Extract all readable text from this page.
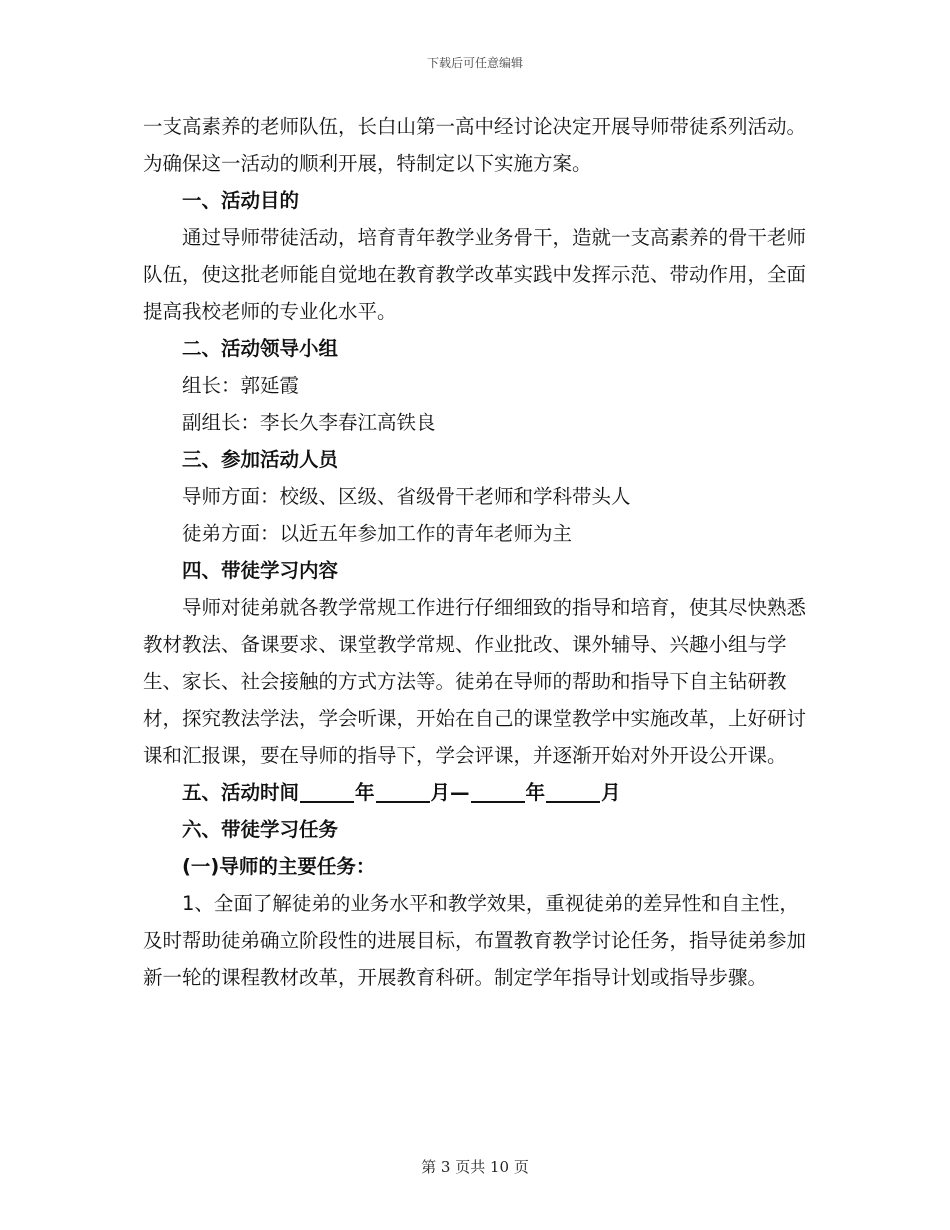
下载后可任意编辑

一支高素养的老师队伍，长白山第一高中经讨论决定开展导师带徒系列活动。为确保这一活动的顺利开展，特制定以下实施方案。

一、活动目的

通过导师带徒活动，培育青年教学业务骨干，造就一支高素养的骨干老师队伍，使这批老师能自觉地在教育教学改革实践中发挥示范、带动作用，全面提高我校老师的专业化水平。

二、活动领导小组

组长：郭延霞

副组长：李长久李春江高铁良

三、参加活动人员

导师方面：校级、区级、省级骨干老师和学科带头人

徒弟方面：以近五年参加工作的青年老师为主

四、带徒学习内容

导师对徒弟就各教学常规工作进行仔细细致的指导和培育，使其尽快熟悉教材教法、备课要求、课堂教学常规、作业批改、课外辅导、兴趣小组与学生、家长、社会接触的方式方法等。徒弟在导师的帮助和指导下自主钻研教材，探究教法学法，学会听课，开始在自己的课堂教学中实施改革，上好研讨课和汇报课，要在导师的指导下，学会评课，并逐渐开始对外开设公开课。

五、活动时间	年	月—	年	月

六、带徒学习任务

(一)导师的主要任务：

1、全面了解徒弟的业务水平和教学效果，重视徒弟的差异性和自主性，及时帮助徒弟确立阶段性的进展目标，布置教育教学讨论任务，指导徒弟参加新一轮的课程教材改革，开展教育科研。制定学年指导计划或指导步骤。

第 3 页共 10 页
